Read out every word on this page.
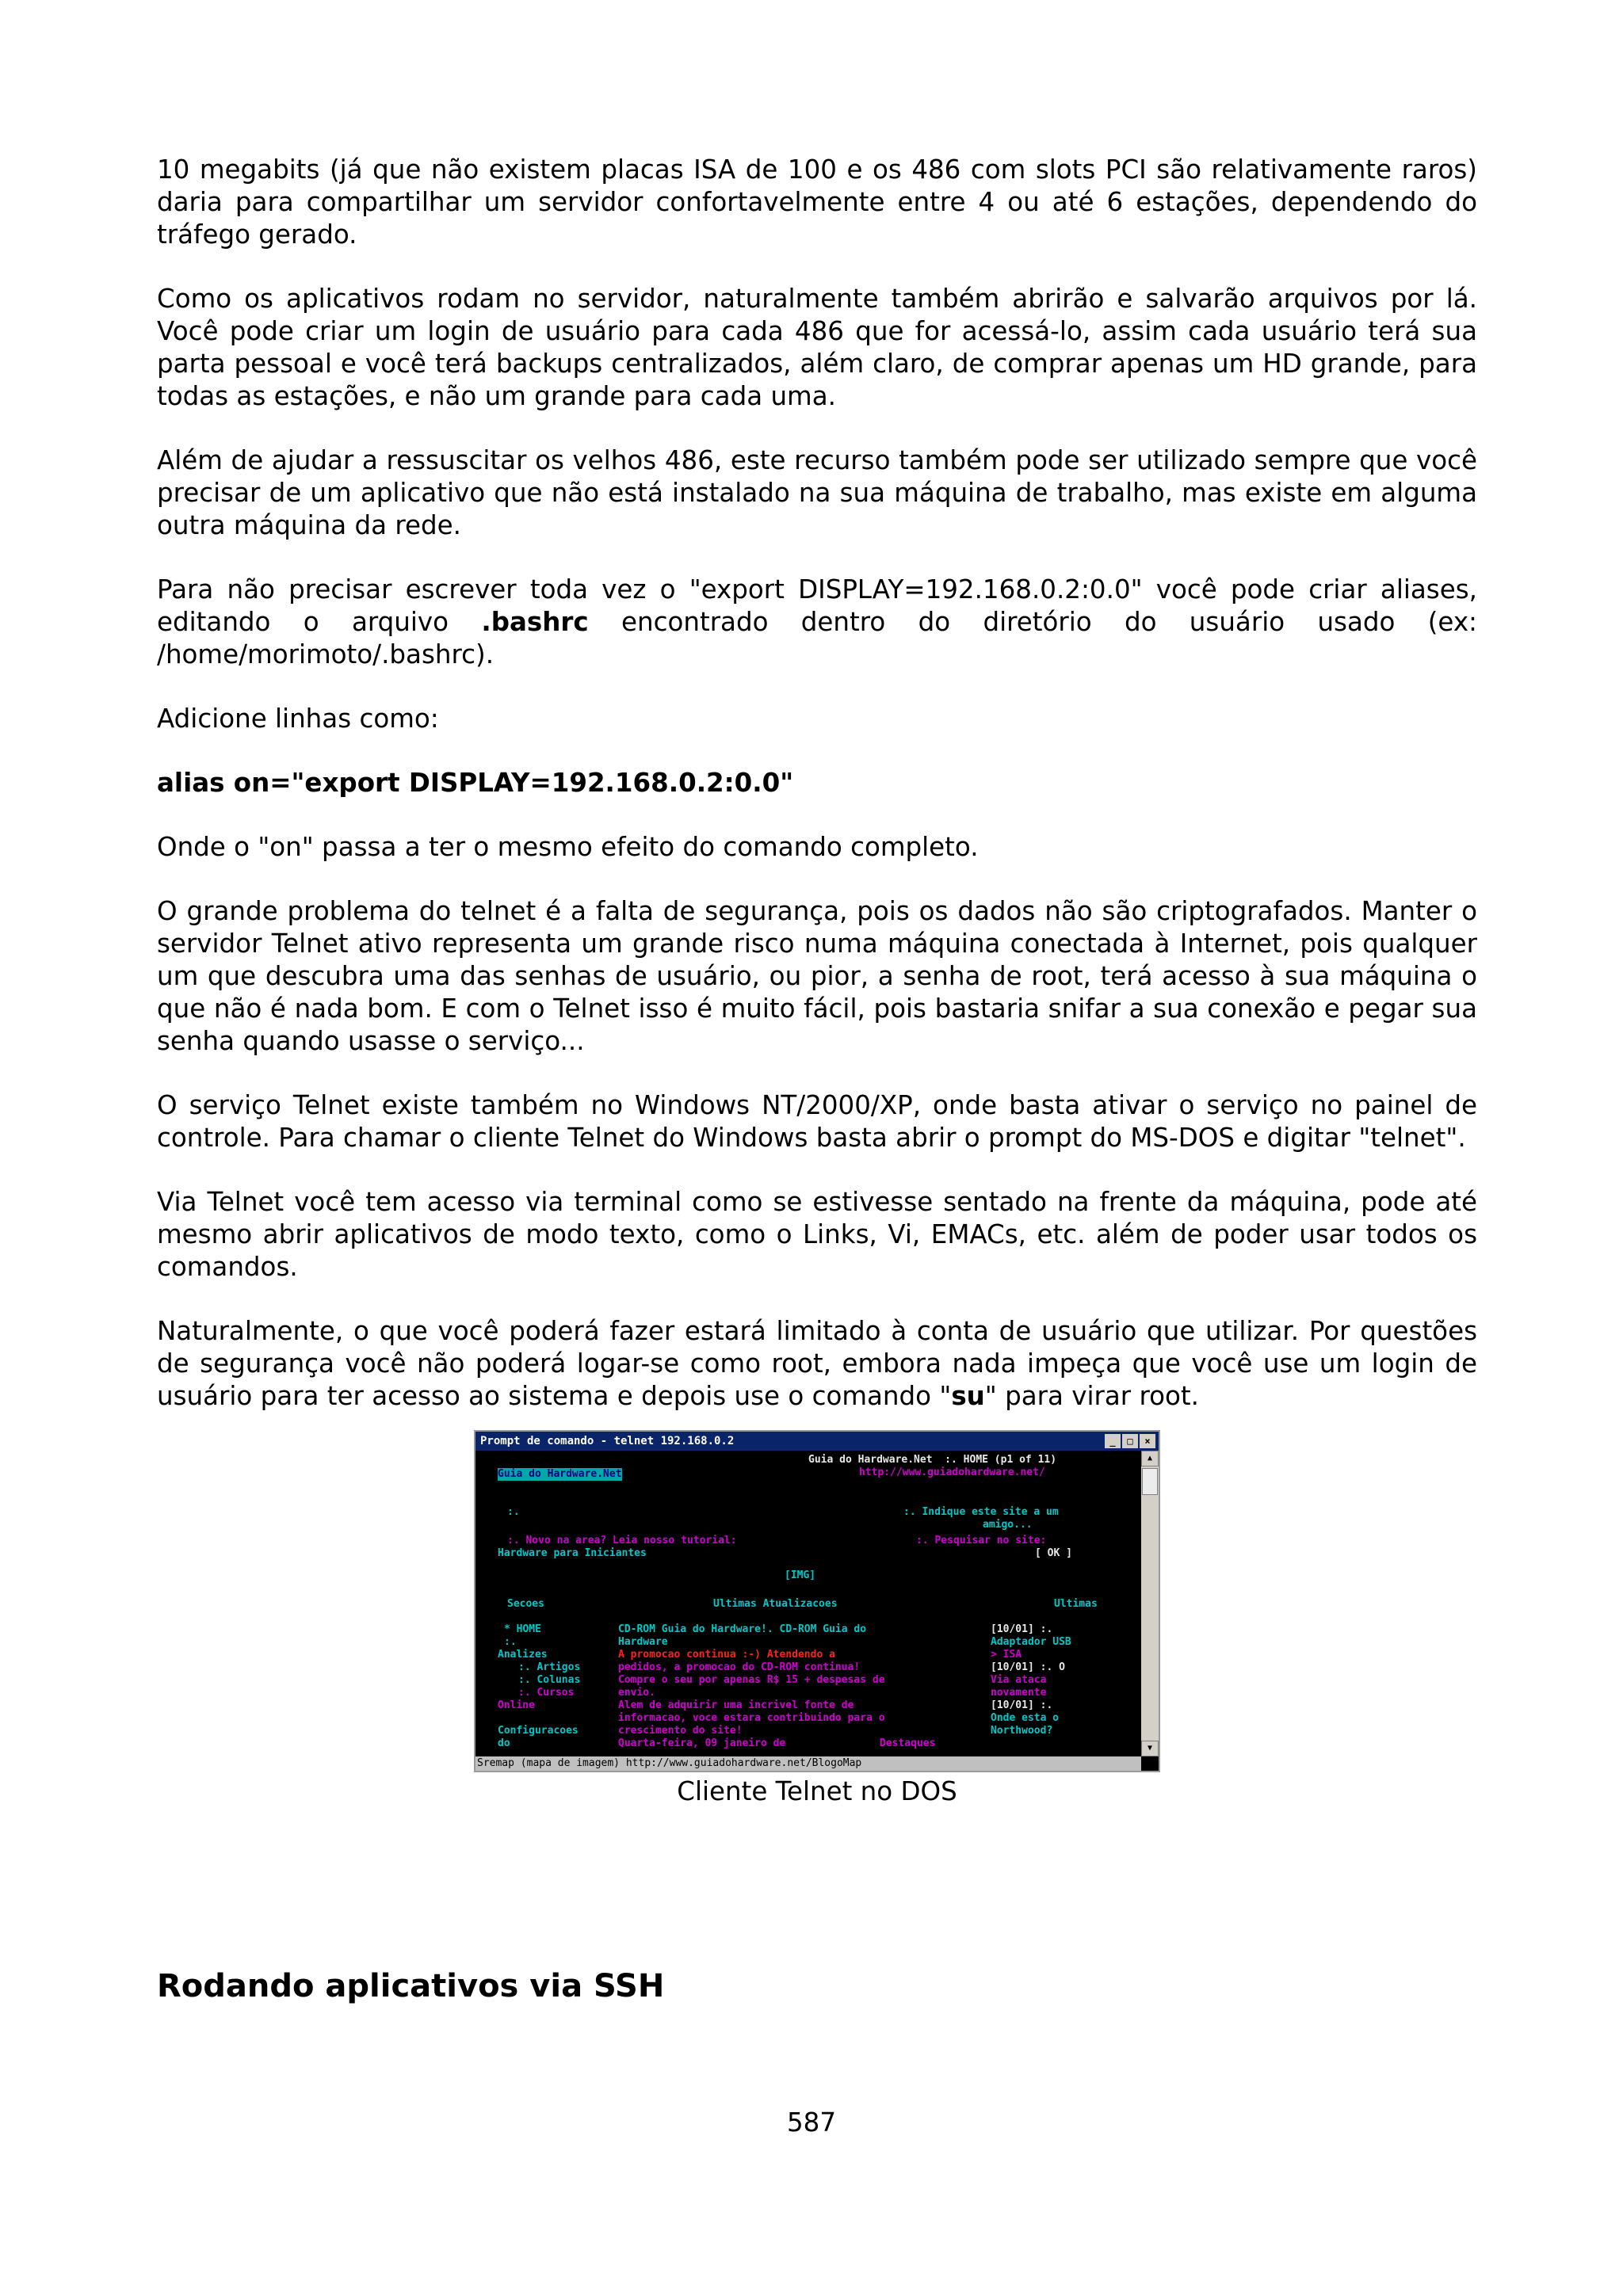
10 megabits (já que não existem placas ISA de 100 e os 486 com slots PCI são relativamente raros) daria para compartilhar um servidor confortavelmente entre 4 ou até 6 estações, dependendo do tráfego gerado.

Como os aplicativos rodam no servidor, naturalmente também abrirão e salvarão arquivos por lá. Você pode criar um login de usuário para cada 486 que for acessá-lo, assim cada usuário terá sua parta pessoal e você terá backups centralizados, além claro, de comprar apenas um HD grande, para todas as estações, e não um grande para cada uma.

Além de ajudar a ressuscitar os velhos 486, este recurso também pode ser utilizado sempre que você precisar de um aplicativo que não está instalado na sua máquina de trabalho, mas existe em alguma outra máquina da rede.

Para não precisar escrever toda vez o "export DISPLAY=192.168.0.2:0.0" você pode criar aliases, editando o arquivo .bashrc encontrado dentro do diretório do usuário usado (ex: /home/morimoto/.bashrc).

Adicione linhas como:

alias on="export DISPLAY=192.168.0.2:0.0"

Onde o "on" passa a ter o mesmo efeito do comando completo.

O grande problema do telnet é a falta de segurança, pois os dados não são criptografados. Manter o servidor Telnet ativo representa um grande risco numa máquina conectada à Internet, pois qualquer um que descubra uma das senhas de usuário, ou pior, a senha de root, terá acesso à sua máquina o que não é nada bom. E com o Telnet isso é muito fácil, pois bastaria snifar a sua conexão e pegar sua senha quando usasse o serviço...

O serviço Telnet existe também no Windows NT/2000/XP, onde basta ativar o serviço no painel de controle. Para chamar o cliente Telnet do Windows basta abrir o prompt do MS-DOS e digitar "telnet".

Via Telnet você tem acesso via terminal como se estivesse sentado na frente da máquina, pode até mesmo abrir aplicativos de modo texto, como o Links, Vi, EMACs, etc. além de poder usar todos os comandos.

Naturalmente, o que você poderá fazer estará limitado à conta de usuário que utilizar. Por questões de segurança você não poderá logar-se como root, embora nada impeça que você use um login de usuário para ter acesso ao sistema e depois use o comando "su" para virar root.

Prompt de comando - telnet 192.168.0.2	_	□	×
Guia do Hardware.Net  :. HOME (p1 of 11)
http://www.guiadohardware.net/
Guia do Hardware.Net
:.	:. Indique este site a um
amigo...
:. Novo na area? Leia nosso tutorial:	:. Pesquisar no site:
Hardware para Iniciantes	[ OK ]
[IMG]
Secoes	Ultimas Atualizacoes	Ultimas
* HOME	CD-ROM Guia do Hardware!. CD-ROM Guia do	[10/01] :.
Hardware	Adaptador USB
:.
> ISA
Analizes	A promocao continua :-) Atendendo a
:. Artigos	pedidos, a promocao do CD-ROM continua!	[10/01] :. O
:. Colunas	Compre o seu por apenas R$ 15 + despesas de	Via ataca
:. Cursos	envio.	novamente
Online	Alem de adquirir uma incrivel fonte de	[10/01] :.
informacao, voce estara contribuindo para o	Onde esta o
Configuracoes	crescimento do site!	Northwood?
do	Quarta-feira, 09 janeiro de	Destaques
▲
▼
Sremap (mapa de imagem) http://www.guiadohardware.net/BlogoMap
Cliente Telnet no DOS
Rodando aplicativos via SSH
587
